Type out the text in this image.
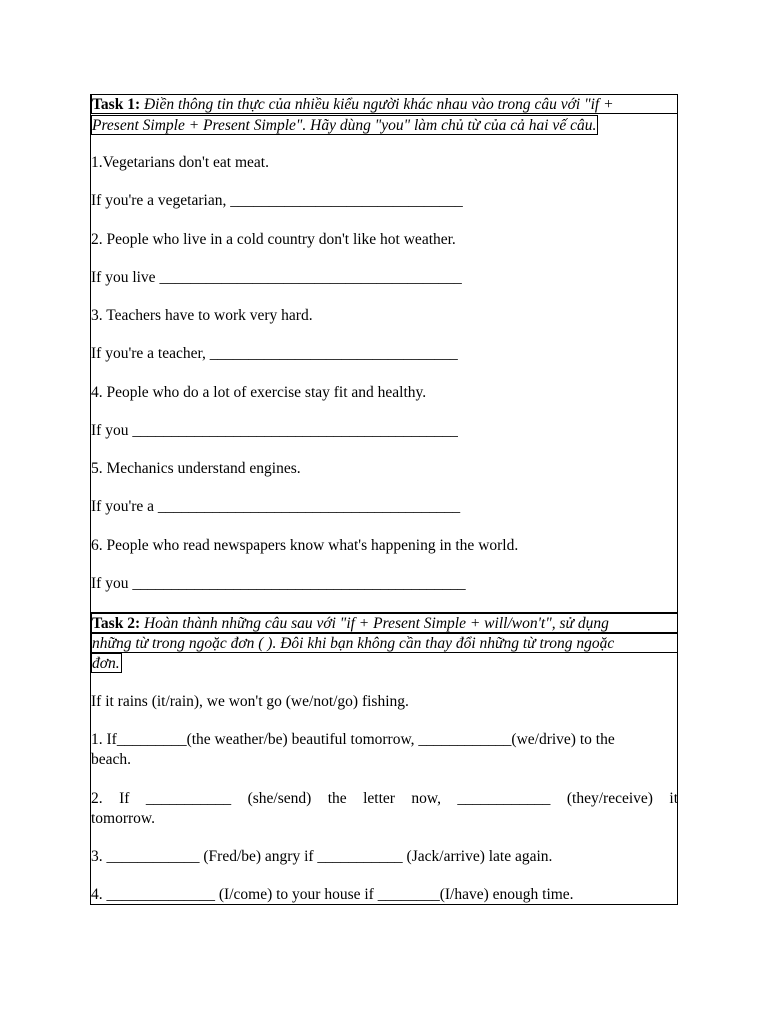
Task 1: Điền thông tin thực của nhiều kiểu người khác nhau vào trong câu với "if +
Present Simple + Present Simple". Hãy dùng "you" làm chủ từ của cả hai vế câu.
1.Vegetarians don't eat meat.
If you're a vegetarian, ______________________________
2. People who live in a cold country don't like hot weather.
If you live _______________________________________
3. Teachers have to work very hard.
If you're a teacher, ________________________________
4. People who do a lot of exercise stay fit and healthy.
If you __________________________________________
5. Mechanics understand engines.
If you're a _______________________________________
6. People who read newspapers know what's happening in the world.
If you ___________________________________________
Task 2: Hoàn thành những câu sau với "if + Present Simple + will/won't", sử dụng
những từ trong ngoặc đơn ( ). Đôi khi bạn không cần thay đổi những từ trong ngoặc
đơn.
If it rains (it/rain), we won't go (we/not/go) fishing.
1. If_________(the weather/be) beautiful tomorrow, ____________(we/drive) to the
beach.
2. If ___________ (she/send) the letter now, ____________ (they/receive) it
tomorrow.
3. ____________ (Fred/be) angry if ___________ (Jack/arrive) late again.
4. ______________ (I/come) to your house if ________(I/have) enough time.
